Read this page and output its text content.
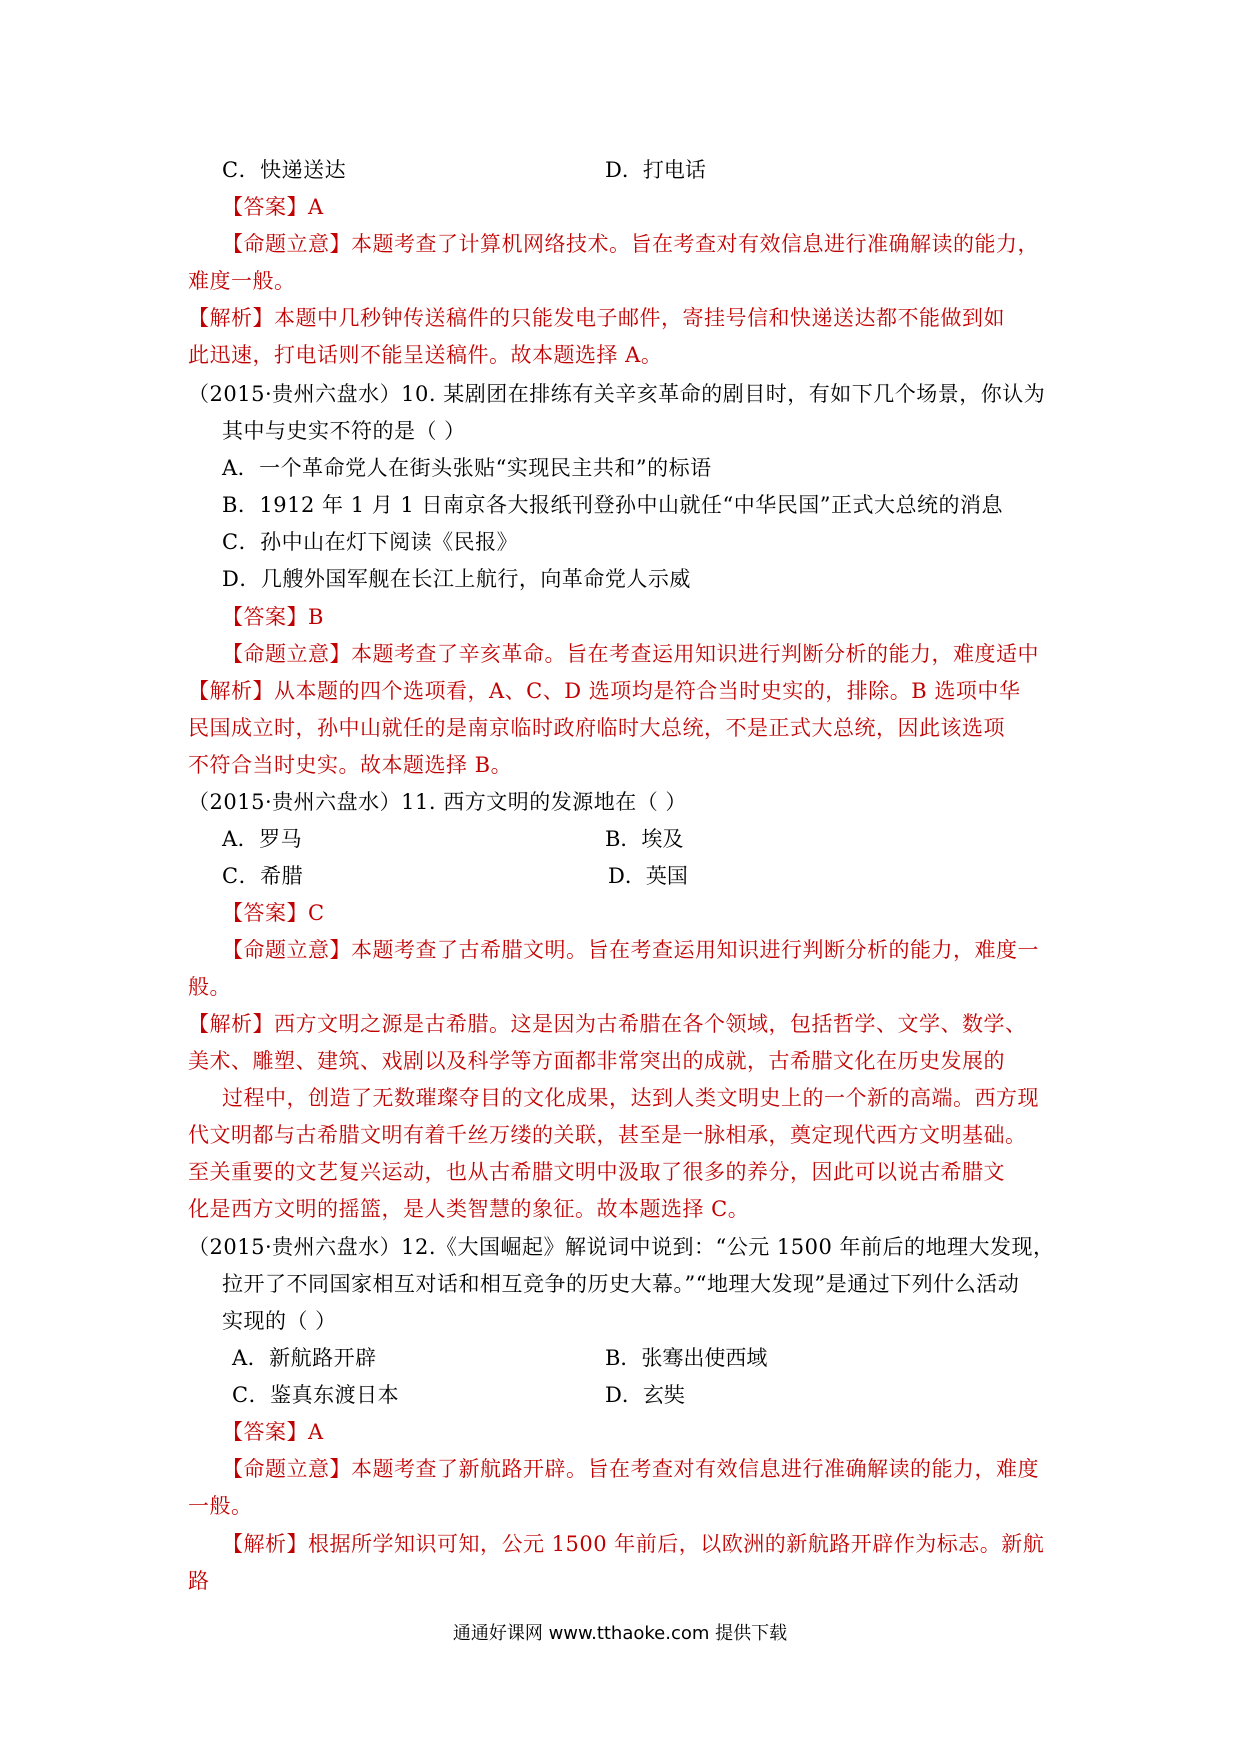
C．快递送达	D．打电话
【答案】A
【命题立意】本题考查了计算机网络技术。旨在考查对有效信息进行准确解读的能力，
难度一般。
【解析】本题中几秒钟传送稿件的只能发电子邮件，寄挂号信和快递送达都不能做到如
此迅速，打电话则不能呈送稿件。故本题选择 A。
（2015·贵州六盘水）10. 某剧团在排练有关辛亥革命的剧目时，有如下几个场景，你认为
其中与史实不符的是（ ）
A．一个革命党人在街头张贴“实现民主共和”的标语
B．1912 年 1 月 1 日南京各大报纸刊登孙中山就任“中华民国”正式大总统的消息
C．孙中山在灯下阅读《民报》
D．几艘外国军舰在长江上航行，向革命党人示威
【答案】B
【命题立意】本题考查了辛亥革命。旨在考查运用知识进行判断分析的能力，难度适中
【解析】从本题的四个选项看，A、C、D 选项均是符合当时史实的，排除。B 选项中华
民国成立时，孙中山就任的是南京临时政府临时大总统，不是正式大总统，因此该选项
不符合当时史实。故本题选择 B。
（2015·贵州六盘水）11. 西方文明的发源地在（ ）
A．罗马	B．埃及
C．希腊	D．英国
【答案】C
【命题立意】本题考查了古希腊文明。旨在考查运用知识进行判断分析的能力，难度一
般。
【解析】西方文明之源是古希腊。这是因为古希腊在各个领域，包括哲学、文学、数学、
美术、雕塑、建筑、戏剧以及科学等方面都非常突出的成就，古希腊文化在历史发展的
过程中，创造了无数璀璨夺目的文化成果，达到人类文明史上的一个新的高端。西方现
代文明都与古希腊文明有着千丝万缕的关联，甚至是一脉相承，奠定现代西方文明基础。
至关重要的文艺复兴运动，也从古希腊文明中汲取了很多的养分，因此可以说古希腊文
化是西方文明的摇篮，是人类智慧的象征。故本题选择 C。
（2015·贵州六盘水）12.《大国崛起》解说词中说到：“公元 1500 年前后的地理大发现，
拉开了不同国家相互对话和相互竞争的历史大幕。”“地理大发现”是通过下列什么活动
实现的（ ）
A．新航路开辟	B．张骞出使西域
C．鉴真东渡日本	D．玄奘
【答案】A
【命题立意】本题考查了新航路开辟。旨在考查对有效信息进行准确解读的能力，难度
一般。
【解析】根据所学知识可知，公元 1500 年前后，以欧洲的新航路开辟作为标志。新航
路
通通好课网 www.tthaoke.com 提供下载
